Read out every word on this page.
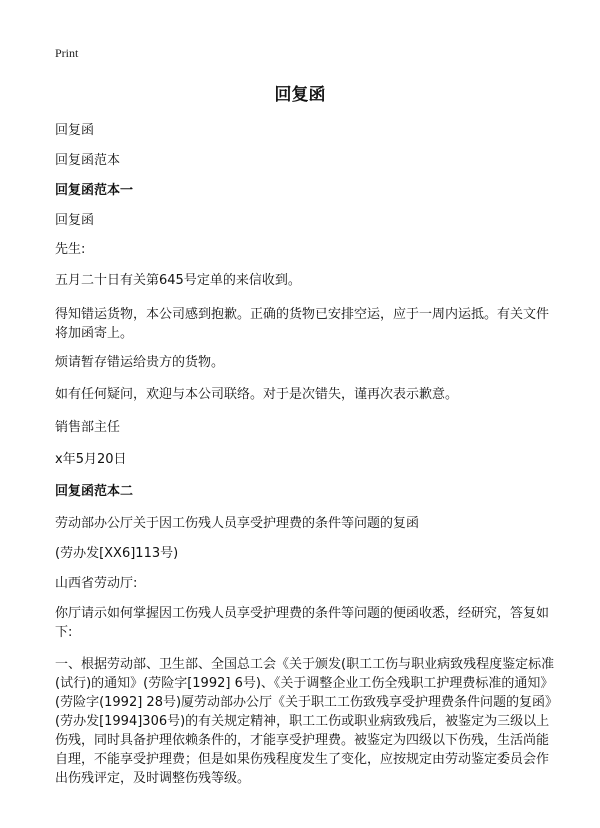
Print
回复函

回复函

回复函范本

回复函范本一

回复函

先生:

五月二十日有关第645号定单的来信收到。

得知错运货物，本公司感到抱歉。正确的货物已安排空运，应于一周内运抵。有关文件将加函寄上。

烦请暂存错运给贵方的货物。

如有任何疑问，欢迎与本公司联络。对于是次错失，谨再次表示歉意。

销售部主任

x年5月20日

回复函范本二

劳动部办公厅关于因工伤残人员享受护理费的条件等问题的复函

(劳办发[XX6]113号)

山西省劳动厅:

你厅请示如何掌握因工伤残人员享受护理费的条件等问题的便函收悉，经研究，答复如下:

一、根据劳动部、卫生部、全国总工会《关于颁发(职工工伤与职业病致残程度鉴定标准(试行)的通知》(劳险字[1992] 6号)、《关于调整企业工伤全残职工护理费标准的通知》(劳险字(1992] 28号)厦劳动部办公厅《关于职工工伤致残享受护理费条件问题的复函》(劳办发[1994]306号)的有关规定精神，职工工伤或职业病致残后，被鉴定为三级以上伤残，同时具备护理依赖条件的，才能享受护理费。被鉴定为四级以下伤残，生活尚能自理，不能享受护理费；但是如果伤残程度发生了变化，应按规定由劳动鉴定委员会作出伤残评定，及时调整伤残等级。
